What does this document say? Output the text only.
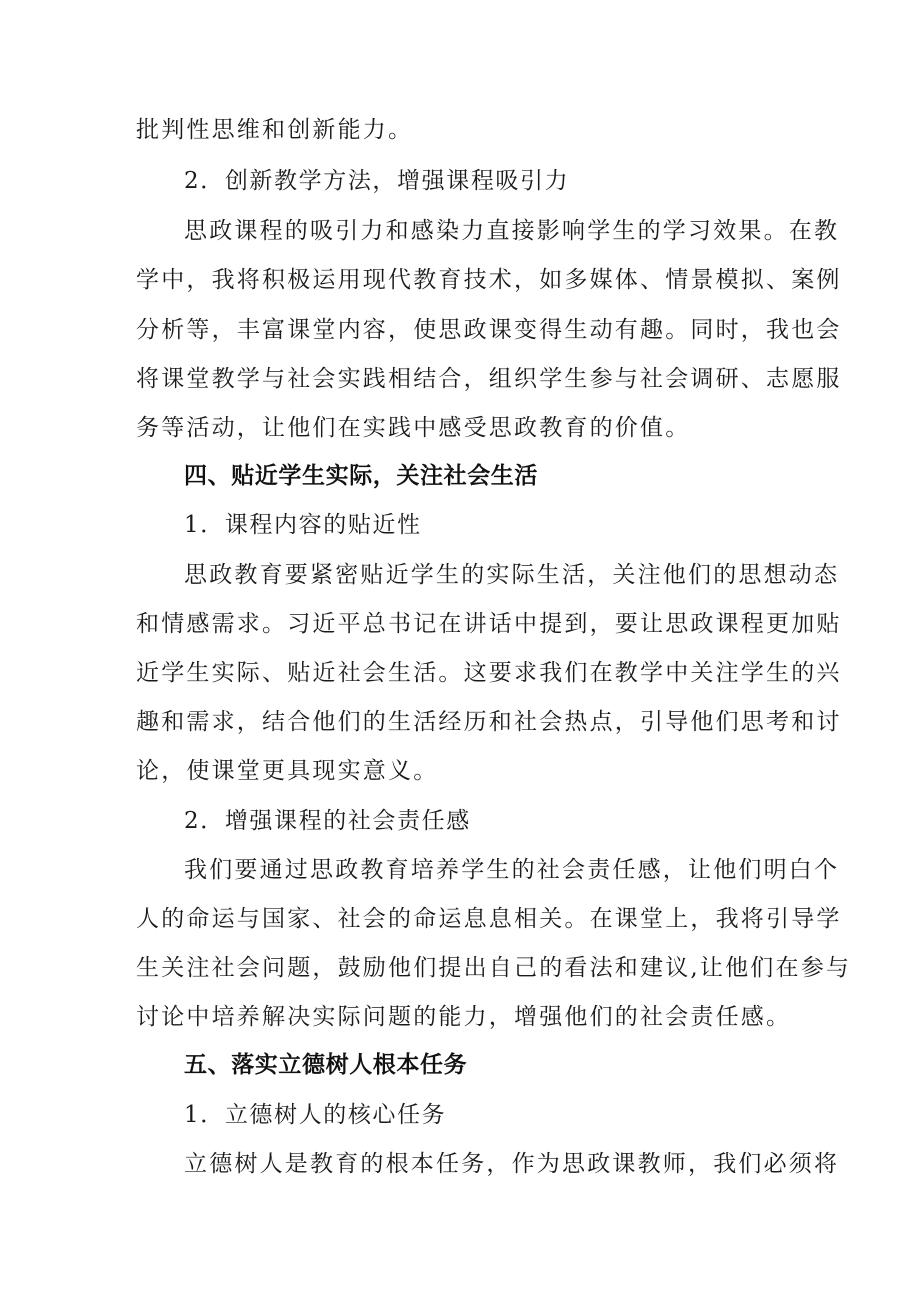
批判性思维和创新能力。
2．创新教学方法，增强课程吸引力
思政课程的吸引力和感染力直接影响学生的学习效果。在教
学中，我将积极运用现代教育技术，如多媒体、情景模拟、案例
分析等，丰富课堂内容，使思政课变得生动有趣。同时，我也会
将课堂教学与社会实践相结合，组织学生参与社会调研、志愿服
务等活动，让他们在实践中感受思政教育的价值。
四、贴近学生实际，关注社会生活
1．课程内容的贴近性
思政教育要紧密贴近学生的实际生活，关注他们的思想动态
和情感需求。习近平总书记在讲话中提到，要让思政课程更加贴
近学生实际、贴近社会生活。这要求我们在教学中关注学生的兴
趣和需求，结合他们的生活经历和社会热点，引导他们思考和讨
论，使课堂更具现实意义。
2．增强课程的社会责任感
我们要通过思政教育培养学生的社会责任感，让他们明白个
人的命运与国家、社会的命运息息相关。在课堂上，我将引导学
生关注社会问题，鼓励他们提出自己的看法和建议,让他们在参与
讨论中培养解决实际问题的能力，增强他们的社会责任感。
五、落实立德树人根本任务
1．立德树人的核心任务
立德树人是教育的根本任务，作为思政课教师，我们必须将
